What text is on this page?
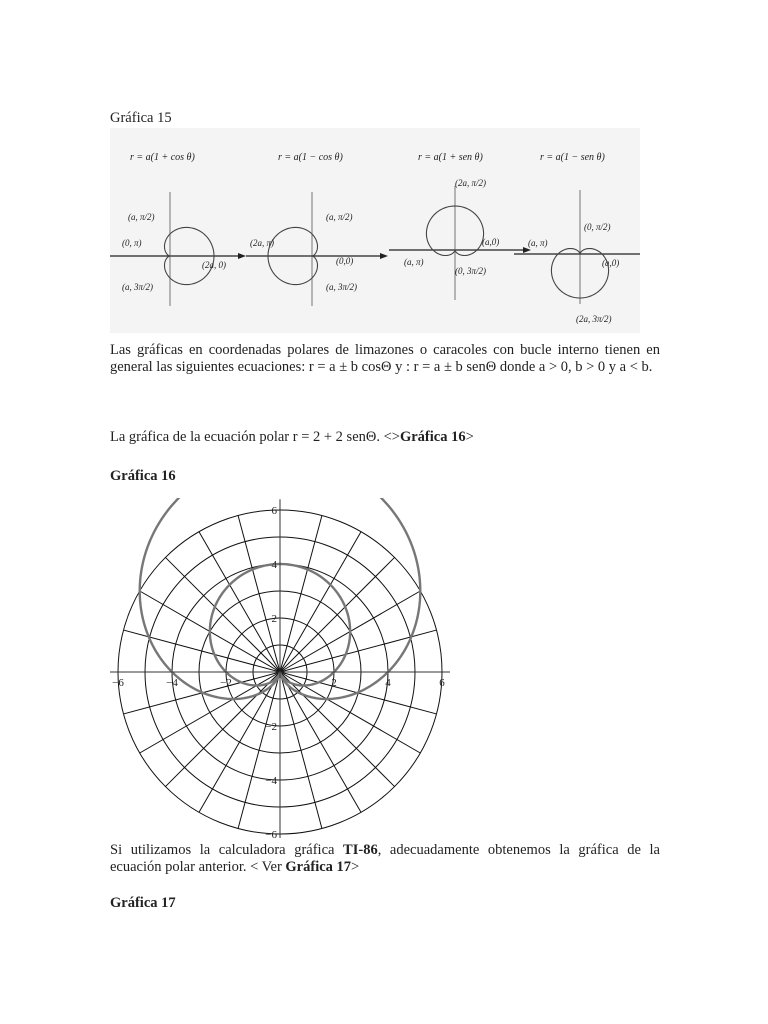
Gráfica 15
r = a(1 + cos θ)
(a, π/2)
(0, π)
(2a, 0)
(a, 3π/2)
r = a(1 − cos θ)
(a, π/2)
(2a, π)
(0,0)
(a, 3π/2)
r = a(1 + sen θ)
(2a, π/2)
(a,0)
(a, π)
(0, 3π/2)
r = a(1 − sen θ)
(0, π/2)
(a, π)
(a,0)
(2a, 3π/2)
Las gráficas en coordenadas polares de limazones o caracoles con bucle interno tienen en general las siguientes ecuaciones: r = a ± b cosΘ y : r = a ± b senΘ donde a > 0, b > 0 y a < b.
La gráfica de la ecuación polar r = 2 + 2 senΘ. <>Gráfica 16>
Gráfica 16
−6	−4	−2	2	4	6
6
4
2
−2
−4
−6
Si utilizamos la calculadora gráfica TI-86, adecuadamente obtenemos la gráfica de la ecuación polar anterior. < Ver Gráfica 17>
Gráfica 17
